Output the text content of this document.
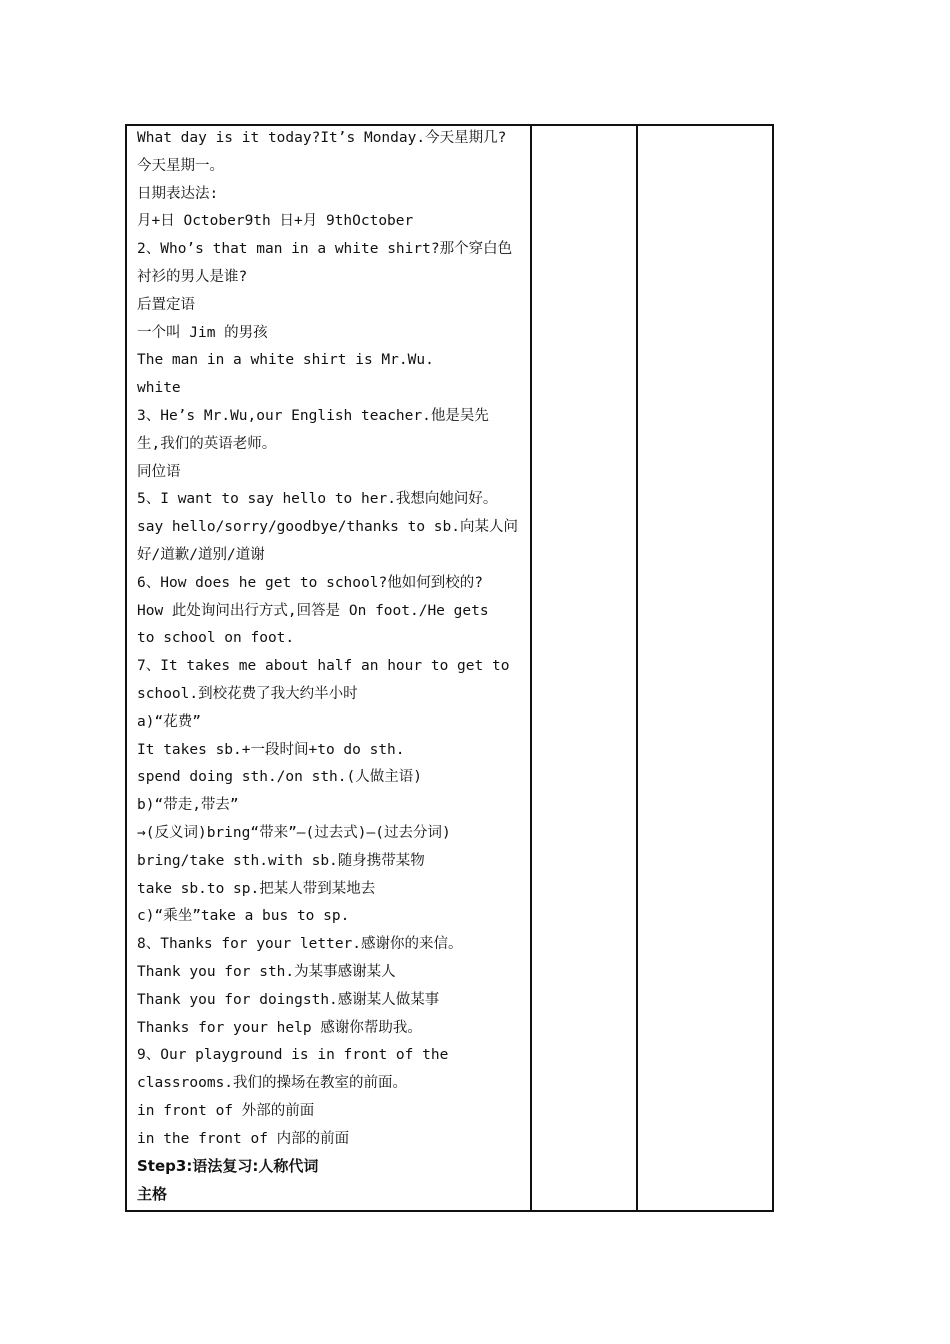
What day is it today?It’s Monday.今天星期几?
今天星期一。
日期表达法:
月+日 October9th 日+月 9thOctober
2、Who’s that man in a white shirt?那个穿白色
衬衫的男人是谁?
后置定语
一个叫 Jim 的男孩
The man in a white shirt is Mr.Wu.
white
3、He’s Mr.Wu,our English teacher.他是吴先
生,我们的英语老师。
同位语
5、I want to say hello to her.我想向她问好。
say hello/sorry/goodbye/thanks to sb.向某人问
好/道歉/道别/道谢
6、How does he get to school?他如何到校的?
How 此处询问出行方式,回答是 On foot./He gets
to school on foot.
7、It takes me about half an hour to get to
school.到校花费了我大约半小时
a)“花费”
It takes sb.+一段时间+to do sth.
spend doing sth./on sth.(人做主语)
b)“带走,带去”
→(反义词)bring“带来”—(过去式)—(过去分词)
bring/take sth.with sb.随身携带某物
take sb.to sp.把某人带到某地去
c)“乘坐”take a bus to sp.
8、Thanks for your letter.感谢你的来信。
Thank you for sth.为某事感谢某人
Thank you for doingsth.感谢某人做某事
Thanks for your help 感谢你帮助我。
9、Our playground is in front of the
classrooms.我们的操场在教室的前面。
in front of 外部的前面
in the front of 内部的前面
Step3:语法复习:人称代词
主格
